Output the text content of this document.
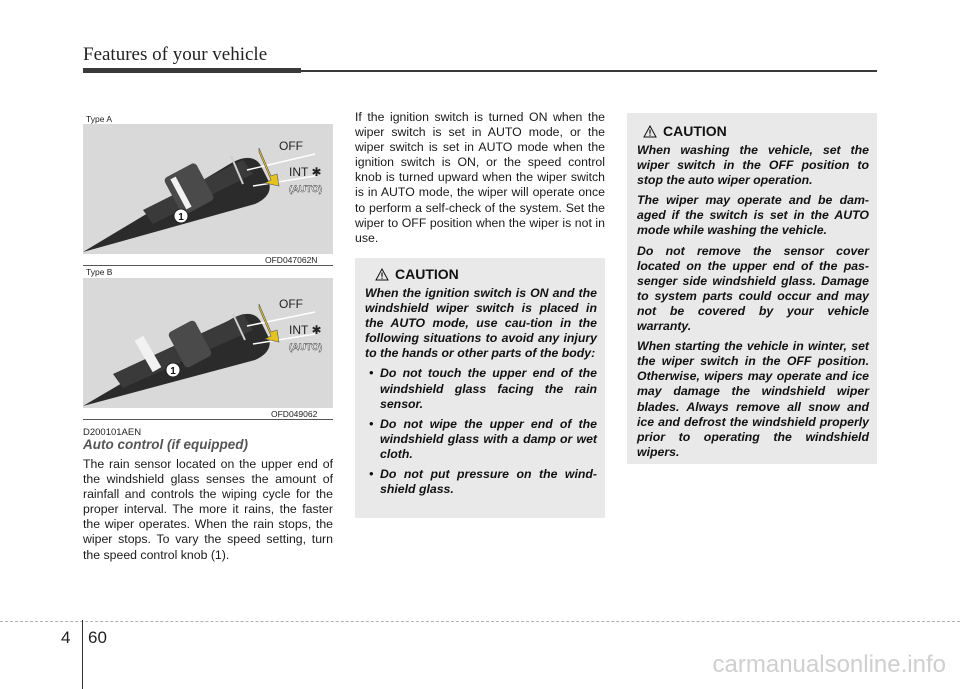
Features of your vehicle
Type A
1
OFF
INT ✱
(AUTO)
OFD047062N
Type B
1
OFF
INT ✱
(AUTO)
OFD049062
D200101AEN
Auto control (if equipped)
The rain sensor located on the upper end of the windshield glass senses the amount of rainfall and controls the wiping cycle for the proper interval. The more it rains, the faster the wiper operates. When the rain stops, the wiper stops. To vary the speed setting, turn the speed control knob (1).
If the ignition switch is turned ON when the wiper switch is set in AUTO mode, or the wiper switch is set in AUTO mode when the ignition switch is ON, or the speed control knob is turned upward when the wiper switch is in AUTO mode, the wiper will operate once to perform a self-check of the system. Set the wiper to OFF position when the wiper is not in use.
CAUTION

When the ignition switch is ON and the windshield wiper switch is placed in the AUTO mode, use cau-tion in the following situations to avoid any injury to the hands or other parts of the body:

• Do not touch the upper end of the windshield glass facing the rain sensor.
• Do not wipe the upper end of the windshield glass with a damp or wet cloth.
• Do not put pressure on the wind-shield glass.
CAUTION

When washing the vehicle, set the wiper switch in the OFF position to stop the auto wiper operation.

The wiper may operate and be dam-aged if the switch is set in the AUTO mode while washing the vehicle.

Do not remove the sensor cover located on the upper end of the pas-senger side windshield glass. Damage to system parts could occur and may not be covered by your vehicle warranty.

When starting the vehicle in winter, set the wiper switch in the OFF position. Otherwise, wipers may operate and ice may damage the windshield wiper blades. Always remove all snow and ice and defrost the windshield properly prior to operating the windshield wipers.

4 60
carmanualsonline.info
